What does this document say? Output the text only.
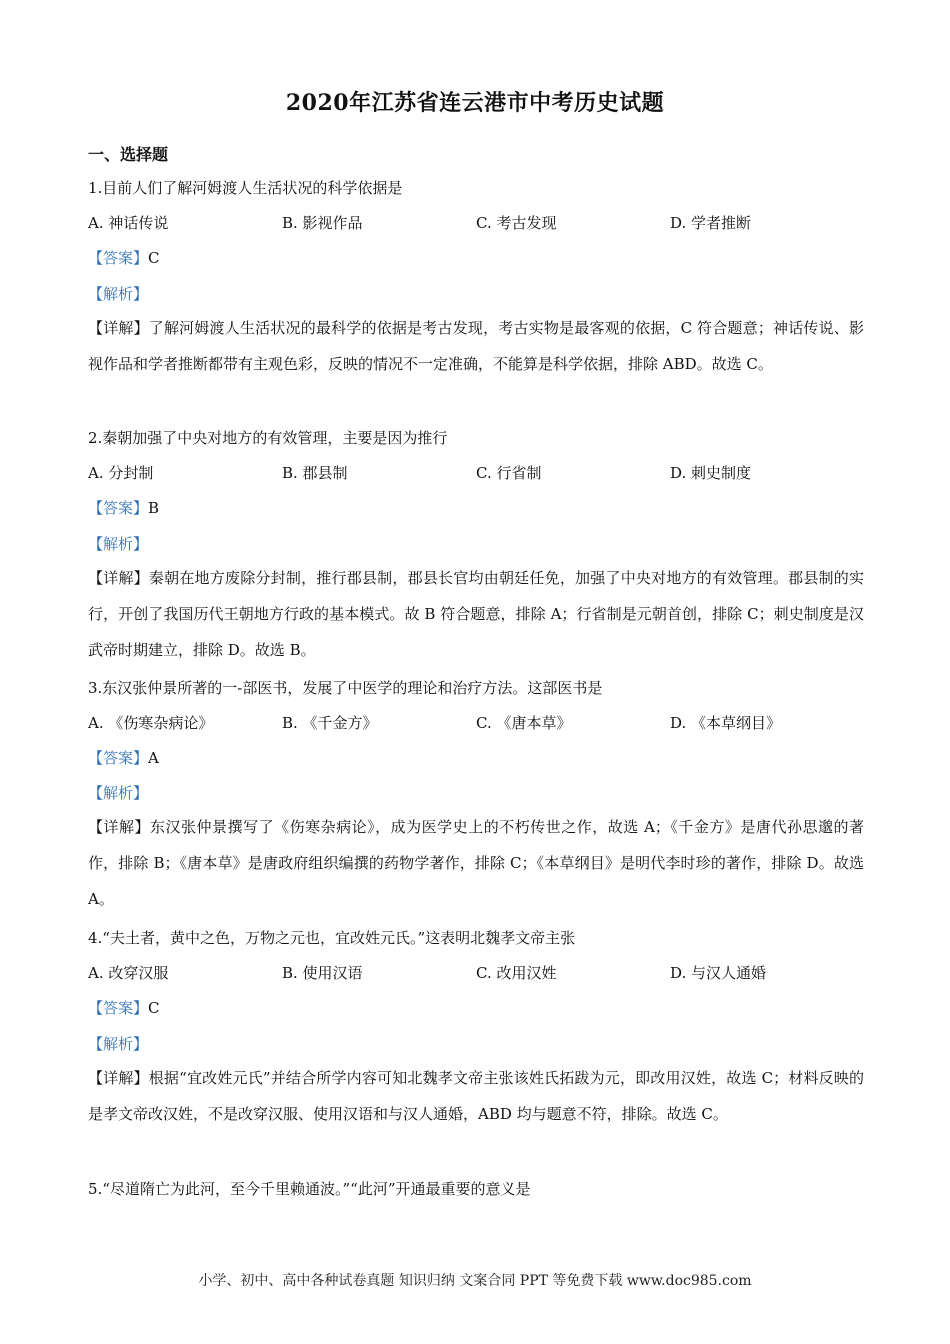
2020年江苏省连云港市中考历史试题
一、选择题
1.目前人们了解河姆渡人生活状况的科学依据是
A. 神话传说	B. 影视作品	C. 考古发现	D. 学者推断
【答案】C
【解析】
【详解】了解河姆渡人生活状况的最科学的依据是考古发现，考古实物是最客观的依据，C 符合题意；神话传说、影视作品和学者推断都带有主观色彩，反映的情况不一定准确，不能算是科学依据，排除 ABD。故选 C。
2.秦朝加强了中央对地方的有效管理，主要是因为推行
A. 分封制	B. 郡县制	C. 行省制	D. 刺史制度
【答案】B
【解析】
【详解】秦朝在地方废除分封制，推行郡县制，郡县长官均由朝廷任免，加强了中央对地方的有效管理。郡县制的实行，开创了我国历代王朝地方行政的基本模式。故 B 符合题意，排除 A；行省制是元朝首创，排除 C；刺史制度是汉武帝时期建立，排除 D。故选 B。
3.东汉张仲景所著的一-部医书，发展了中医学的理论和治疗方法。这部医书是
A. 《伤寒杂病论》	B. 《千金方》	C. 《唐本草》	D. 《本草纲目》
【答案】A
【解析】
【详解】东汉张仲景撰写了《伤寒杂病论》，成为医学史上的不朽传世之作，故选 A；《千金方》是唐代孙思邈的著作，排除 B；《唐本草》是唐政府组织编撰的药物学著作，排除 C；《本草纲目》是明代李时珍的著作，排除 D。故选 A。
4.“夫土者，黄中之色，万物之元也，宜改姓元氏。”这表明北魏孝文帝主张
A. 改穿汉服	B. 使用汉语	C. 改用汉姓	D. 与汉人通婚
【答案】C
【解析】
【详解】根据“宜改姓元氏”并结合所学内容可知北魏孝文帝主张该姓氏拓跋为元，即改用汉姓，故选 C；材料反映的是孝文帝改汉姓，不是改穿汉服、使用汉语和与汉人通婚，ABD 均与题意不符，排除。故选 C。
5.“尽道隋亡为此河，至今千里赖通波。”“此河”开通最重要的意义是
小学、初中、高中各种试卷真题 知识归纳 文案合同 PPT 等免费下载 www.doc985.com
